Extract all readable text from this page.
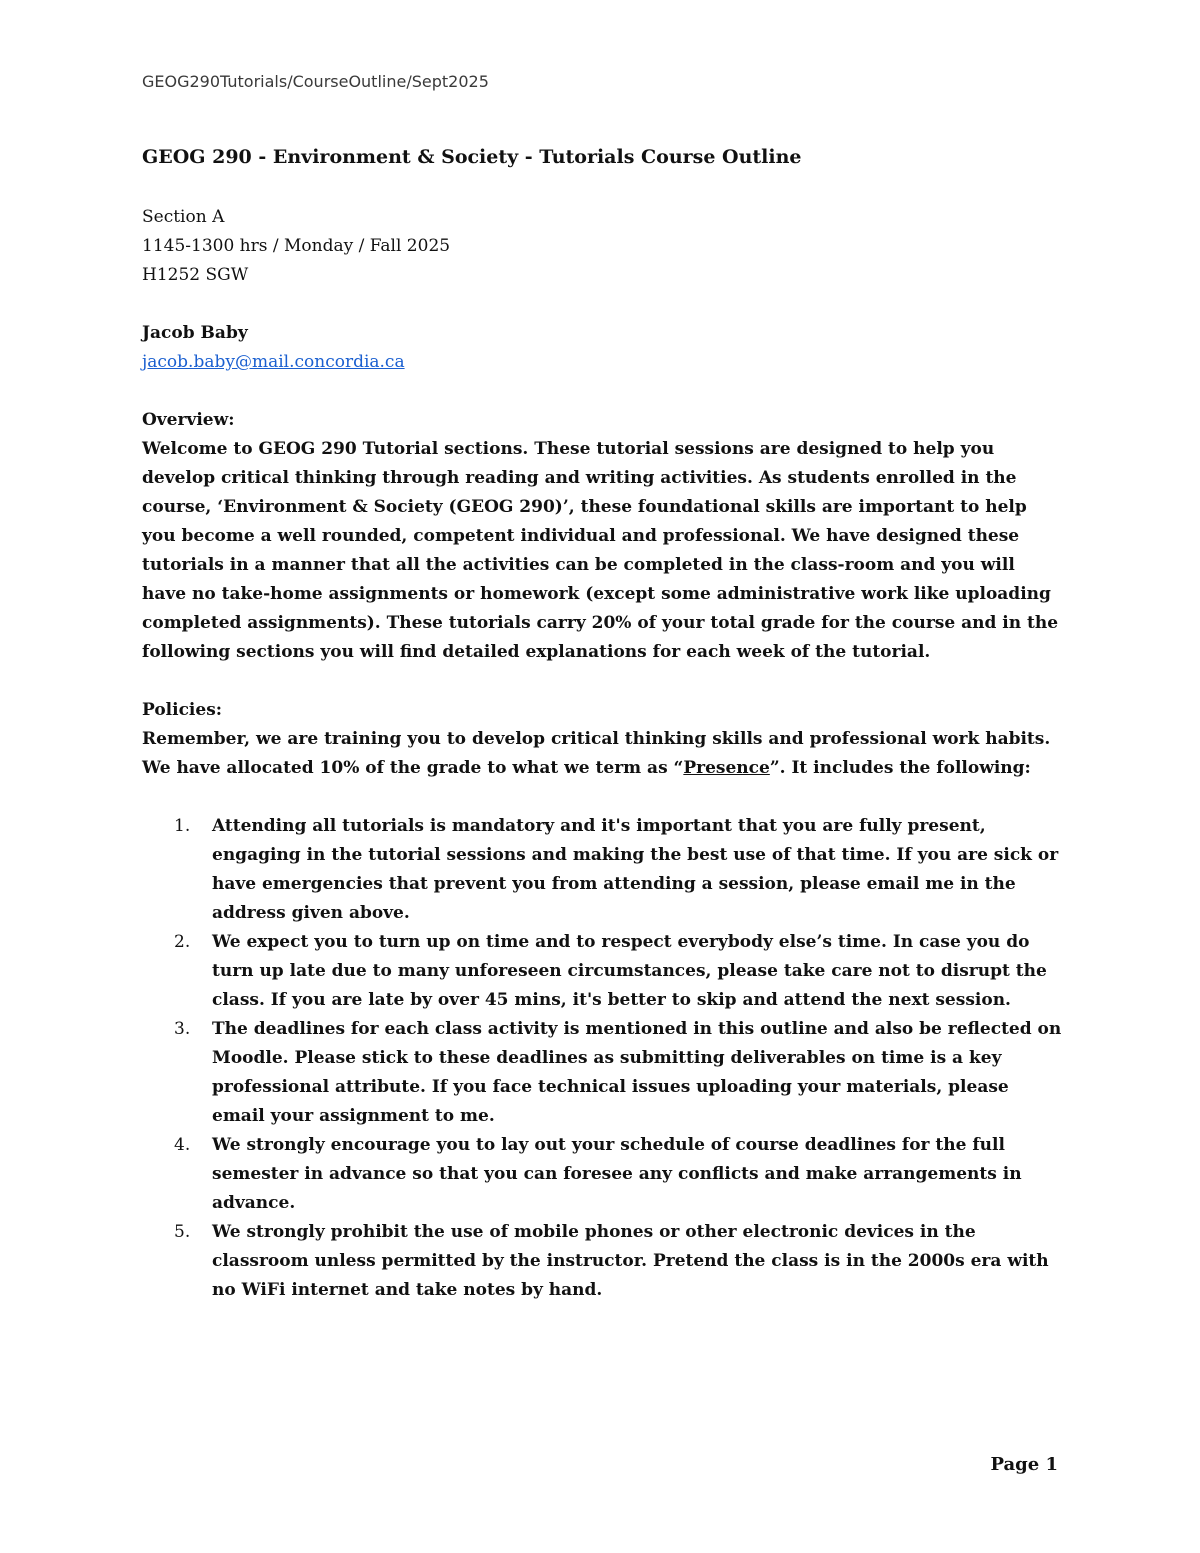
GEOG290Tutorials/CourseOutline/Sept2025
GEOG 290 - Environment & Society - Tutorials Course Outline
Section A
1145-1300 hrs / Monday / Fall 2025
H1252 SGW
Jacob Baby
jacob.baby@mail.concordia.ca
Overview:

Welcome to GEOG 290 Tutorial sections. These tutorial sessions are designed to help you develop critical thinking through reading and writing activities. As students enrolled in the course, ‘Environment & Society (GEOG 290)’, these foundational skills are important to help you become a well rounded, competent individual and professional. We have designed these tutorials in a manner that all the activities can be completed in the class-room and you will have no take-home assignments or homework (except some administrative work like uploading completed assignments). These tutorials carry 20% of your total grade for the course and in the following sections you will find detailed explanations for each week of the tutorial.

Policies:

Remember, we are training you to develop critical thinking skills and professional work habits. We have allocated 10% of the grade to what we term as “Presence”. It includes the following:

1. Attending all tutorials is mandatory and it's important that you are fully present, engaging in the tutorial sessions and making the best use of that time. If you are sick or have emergencies that prevent you from attending a session, please email me in the address given above.
2. We expect you to turn up on time and to respect everybody else’s time. In case you do turn up late due to many unforeseen circumstances, please take care not to disrupt the class. If you are late by over 45 mins, it's better to skip and attend the next session.
3. The deadlines for each class activity is mentioned in this outline and also be reflected on Moodle. Please stick to these deadlines as submitting deliverables on time is a key professional attribute. If you face technical issues uploading your materials, please email your assignment to me.
4. We strongly encourage you to lay out your schedule of course deadlines for the full semester in advance so that you can foresee any conflicts and make arrangements in advance.
5. We strongly prohibit the use of mobile phones or other electronic devices in the classroom unless permitted by the instructor. Pretend the class is in the 2000s era with no WiFi internet and take notes by hand.
Page 1
